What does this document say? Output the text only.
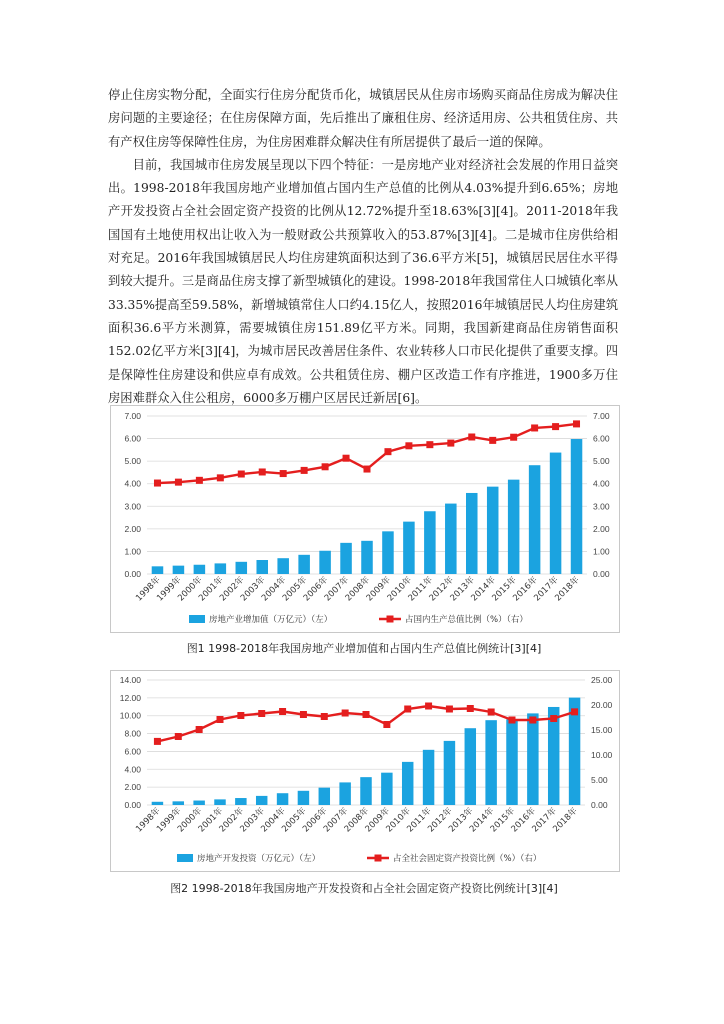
停止住房实物分配，全面实行住房分配货币化，城镇居民从住房市场购买商品住房成为解决住房问题的主要途径；在住房保障方面，先后推出了廉租住房、经济适用房、公共租赁住房、共有产权住房等保障性住房，为住房困难群众解决住有所居提供了最后一道的保障。

目前，我国城市住房发展呈现以下四个特征：一是房地产业对经济社会发展的作用日益突出。1998-2018年我国房地产业增加值占国内生产总值的比例从4.03%提升到6.65%；房地产开发投资占全社会固定资产投资的比例从12.72%提升至18.63%[3][4]。2011-2018年我国国有土地使用权出让收入为一般财政公共预算收入的53.87%[3][4]。二是城市住房供给相对充足。2016年我国城镇居民人均住房建筑面积达到了36.6平方米[5]，城镇居民居住水平得到较大提升。三是商品住房支撑了新型城镇化的建设。1998-2018年我国常住人口城镇化率从33.35%提高至59.58%，新增城镇常住人口约4.15亿人，按照2016年城镇居民人均住房建筑面积36.6平方米测算，需要城镇住房151.89亿平方米。同期，我国新建商品住房销售面积152.02亿平方米[3][4]，为城市居民改善居住条件、农业转移人口市民化提供了重要支撑。四是保障性住房建设和供应卓有成效。公共租赁住房、棚户区改造工作有序推进，1900多万住房困难群众入住公租房，6000多万棚户区居民迁新居[6]。

0.00
1.00
2.00
3.00
4.00
5.00
6.00
7.00
0.00
1.00
2.00
3.00
4.00
5.00
6.00
7.00
1998年
1999年
2000年
2001年
2002年
2003年
2004年
2005年
2006年
2007年
2008年
2009年
2010年
2011年
2012年
2013年
2014年
2015年
2016年
2017年
2018年
房地产业增加值（万亿元）（左）	占国内生产总值比例（%）（右）
图1 1998-2018年我国房地产业增加值和占国内生产总值比例统计[3][4]
0.00
2.00
4.00
6.00
8.00
10.00
12.00
14.00
0.00
5.00
10.00
15.00
20.00
25.00
1998年
1999年
2000年
2001年
2002年
2003年
2004年
2005年
2006年
2007年
2008年
2009年
2010年
2011年
2012年
2013年
2014年
2015年
2016年
2017年
2018年
房地产开发投资（万亿元）（左）	占全社会固定资产投资比例（%）（右）
图2 1998-2018年我国房地产开发投资和占全社会固定资产投资比例统计[3][4]
